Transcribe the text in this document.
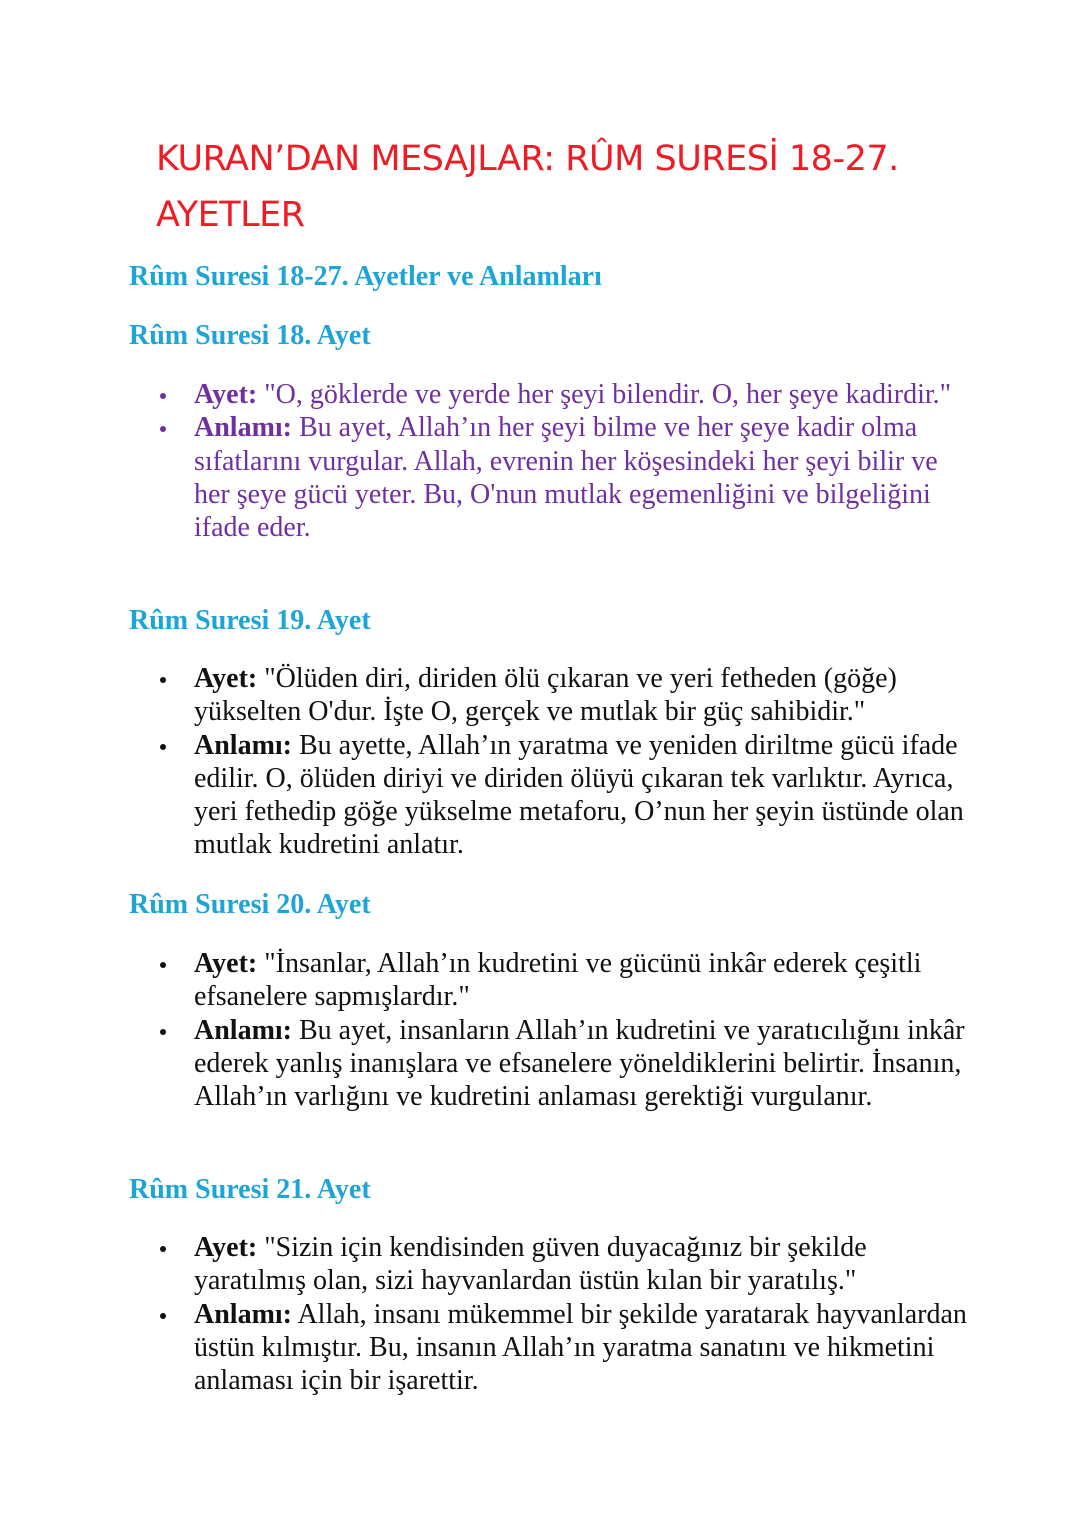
KURAN’DAN MESAJLAR: RÛM SURESİ 18-27. AYETLER
Rûm Suresi 18-27. Ayetler ve Anlamları
Rûm Suresi 18. Ayet
Ayet: "O, göklerde ve yerde her şeyi bilendir. O, her şeye kadirdir."
Anlamı: Bu ayet, Allah’ın her şeyi bilme ve her şeye kadir olma sıfatlarını vurgular. Allah, evrenin her köşesindeki her şeyi bilir ve her şeye gücü yeter. Bu, O'nun mutlak egemenliğini ve bilgeliğini ifade eder.
Rûm Suresi 19. Ayet
Ayet: "Ölüden diri, diriden ölü çıkaran ve yeri fetheden (göğe) yükselten O'dur. İşte O, gerçek ve mutlak bir güç sahibidir."
Anlamı: Bu ayette, Allah’ın yaratma ve yeniden diriltme gücü ifade edilir. O, ölüden diriyi ve diriden ölüyü çıkaran tek varlıktır. Ayrıca, yeri fethedip göğe yükselme metaforu, O’nun her şeyin üstünde olan mutlak kudretini anlatır.
Rûm Suresi 20. Ayet
Ayet: "İnsanlar, Allah’ın kudretini ve gücünü inkâr ederek çeşitli efsanelere sapmışlardır."
Anlamı: Bu ayet, insanların Allah’ın kudretini ve yaratıcılığını inkâr ederek yanlış inanışlara ve efsanelere yöneldiklerini belirtir. İnsanın, Allah’ın varlığını ve kudretini anlaması gerektiği vurgulanır.
Rûm Suresi 21. Ayet
Ayet: "Sizin için kendisinden güven duyacağınız bir şekilde yaratılmış olan, sizi hayvanlardan üstün kılan bir yaratılış."
Anlamı: Allah, insanı mükemmel bir şekilde yaratarak hayvanlardan üstün kılmıştır. Bu, insanın Allah’ın yaratma sanatını ve hikmetini anlaması için bir işarettir.
